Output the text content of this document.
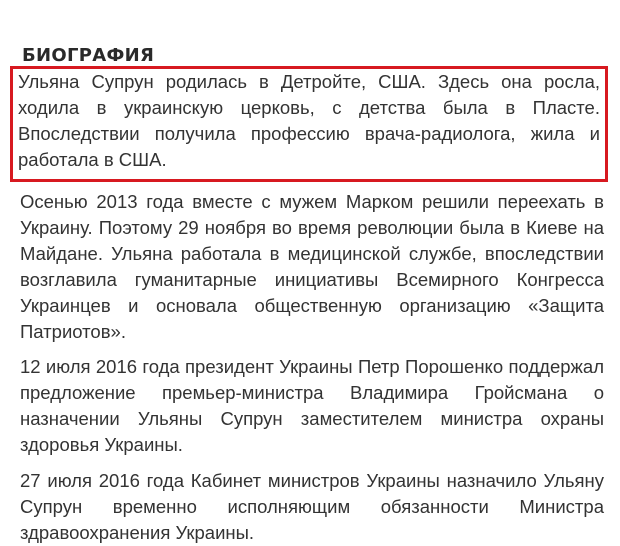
БИОГРАФИЯ

Ульяна Супрун родилась в Детройте, США. Здесь она росла, ходила в украинскую церковь, с детства была в Пласте. Впоследствии получила профессию врача-радиолога, жила и работала в США.

Осенью 2013 года вместе с мужем Марком решили переехать в Украину. Поэтому 29 ноября во время революции была в Киеве на Майдане. Ульяна работала в медицинской службе, впоследствии возглавила гуманитарные инициативы Всемирного Конгресса Украинцев и основала общественную организацию «Защита Патриотов».

12 июля 2016 года президент Украины Петр Порошенко поддержал предложение премьер-министра Владимира Гройсмана о назначении Ульяны Супрун заместителем министра охраны здоровья Украины.

27 июля 2016 года Кабинет министров Украины назначило Ульяну Супрун временно исполняющим обязанности Министра здравоохранения Украины.
